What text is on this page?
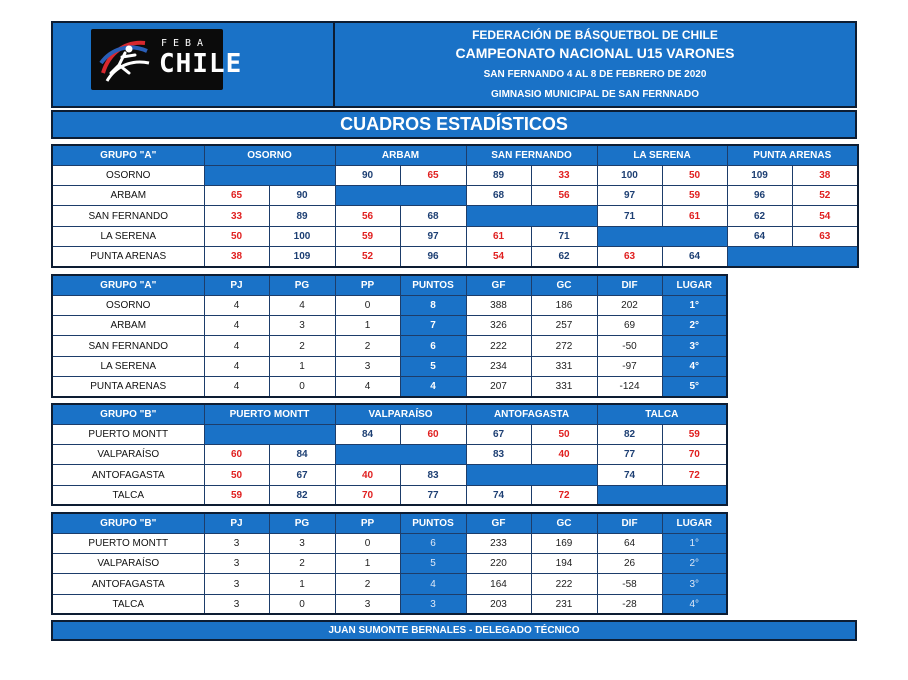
FEBA
CHILE
FEDERACIÓN DE BÁSQUETBOL DE CHILE
CAMPEONATO NACIONAL U15 VARONES
SAN FERNANDO 4 AL 8 DE FEBRERO DE 2020
GIMNASIO MUNICIPAL DE SAN FERNNADO
CUADROS ESTADÍSTICOS
GRUPO "A"	OSORNO		ARBAM		SAN FERNANDO		LA SERENA		PUNTA ARENAS	
OSORNO			90	65	89	33	100	50	109	38
ARBAM	65	90			68	56	97	59	96	52
SAN FERNANDO	33	89	56	68			71	61	62	54
LA SERENA	50	100	59	97	61	71			64	63
PUNTA ARENAS	38	109	52	96	54	62	63	64		
GRUPO "A"	PJ	PG	PP	PUNTOS	GF	GC	DIF	LUGAR
OSORNO	4	4	0	8	388	186	202	1°
ARBAM	4	3	1	7	326	257	69	2°
SAN FERNANDO	4	2	2	6	222	272	-50	3°
LA SERENA	4	1	3	5	234	331	-97	4°
PUNTA ARENAS	4	0	4	4	207	331	-124	5°
GRUPO "B"	PUERTO MONTT		VALPARAÍSO		ANTOFAGASTA		TALCA	
PUERTO MONTT			84	60	67	50	82	59
VALPARAÍSO	60	84			83	40	77	70
ANTOFAGASTA	50	67	40	83			74	72
TALCA	59	82	70	77	74	72		
GRUPO "B"	PJ	PG	PP	PUNTOS	GF	GC	DIF	LUGAR
PUERTO MONTT	3	3	0	6	233	169	64	1°
VALPARAÍSO	3	2	1	5	220	194	26	2°
ANTOFAGASTA	3	1	2	4	164	222	-58	3°
TALCA	3	0	3	3	203	231	-28	4°
JUAN SUMONTE BERNALES - DELEGADO TÉCNICO
